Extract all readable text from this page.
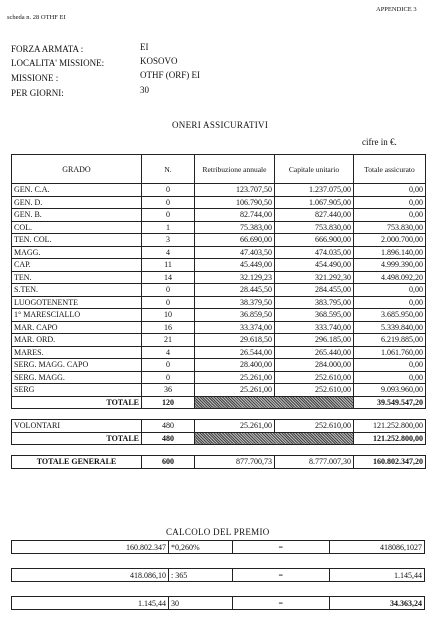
scheda n. 28 OTHF EI
APPENDICE 3
FORZA ARMATA :	EI
LOCALITA' MISSIONE:	KOSOVO
MISSIONE :	OTHF (ORF) EI
PER GIORNI:	30
ONERI ASSICURATIVI
cifre in €.
GRADO	N.	Retribuzione annuale	Capitale unitario	Totale assicurato
GEN. C.A.	0	123.707,50	1.237.075,00	0,00
GEN. D.	0	106.790,50	1.067.905,00	0,00
GEN. B.	0	82.744,00	827.440,00	0,00
COL.	1	75.383,00	753.830,00	753.830,00
TEN. COL.	3	66.690,00	666.900,00	2.000.700,00
MAGG.	4	47.403,50	474.035,00	1.896.140,00
CAP.	11	45.449,00	454.490,00	4.999.390,00
TEN.	14	32.129,23	321.292,30	4.498.092,20
S.TEN.	0	28.445,50	284.455,00	0,00
LUOGOTENENTE	0	38.379,50	383.795,00	0,00
1° MARESCIALLO	10	36.859,50	368.595,00	3.685.950,00
MAR. CAPO	16	33.374,00	333.740,00	5.339.840,00
MAR. ORD.	21	29.618,50	296.185,00	6.219.885,00
MARES.	4	26.544,00	265.440,00	1.061.760,00
SERG. MAGG. CAPO	0	28.400,00	284.000,00	0,00
SERG. MAGG.	0	25.261,00	252.610,00	0,00
SERG	36	25.261,00	252.610,00	9.093.960,00
TOTALE	120			39.549.547,20

VOLONTARI	480	25.261,00	252.610,00	121.252.800,00
TOTALE	480			121.252.800,00

TOTALE GENERALE	600	877.700,73	8.777.007,30	160.802.347,20
CALCOLO DEL PREMIO
160.802.347	*0,260%	=	418086,1027
418.086,10	: 365	=	1.145,44
1.145,44	30	=	34.363,24
